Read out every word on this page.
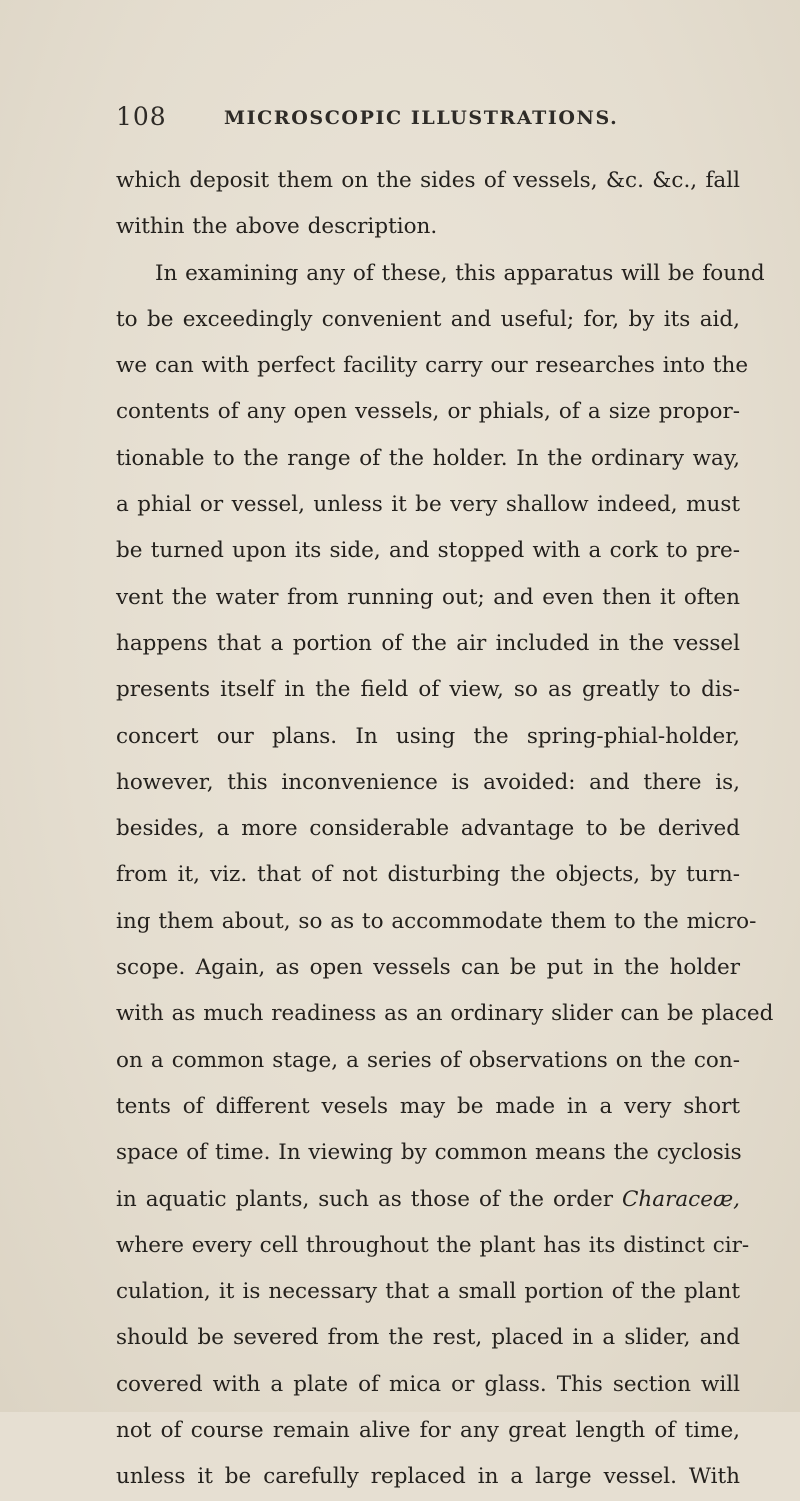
108	MICROSCOPIC ILLUSTRATIONS.
which deposit them on the sides of vessels, &c. &c., fall
within the above description.
In examining any of these, this apparatus will be found
to be exceedingly convenient and useful; for, by its aid,
we can with perfect facility carry our researches into the
contents of any open vessels, or phials, of a size propor-
tionable to the range of the holder. In the ordinary way,
a phial or vessel, unless it be very shallow indeed, must
be turned upon its side, and stopped with a cork to pre-
vent the water from running out; and even then it often
happens that a portion of the air included in the vessel
presents itself in the field of view, so as greatly to dis-
concert our plans. In using the spring-phial-holder,
however, this inconvenience is avoided: and there is,
besides, a more considerable advantage to be derived
from it, viz. that of not disturbing the objects, by turn-
ing them about, so as to accommodate them to the micro-
scope. Again, as open vessels can be put in the holder
with as much readiness as an ordinary slider can be placed
on a common stage, a series of observations on the con-
tents of different vesels may be made in a very short
space of time. In viewing by common means the cyclosis
in aquatic plants, such as those of the order Characeæ,
where every cell throughout the plant has its distinct cir-
culation, it is necessary that a small portion of the plant
should be severed from the rest, placed in a slider, and
covered with a plate of mica or glass. This section will
not of course remain alive for any great length of time,
unless it be carefully replaced in a large vessel. With
